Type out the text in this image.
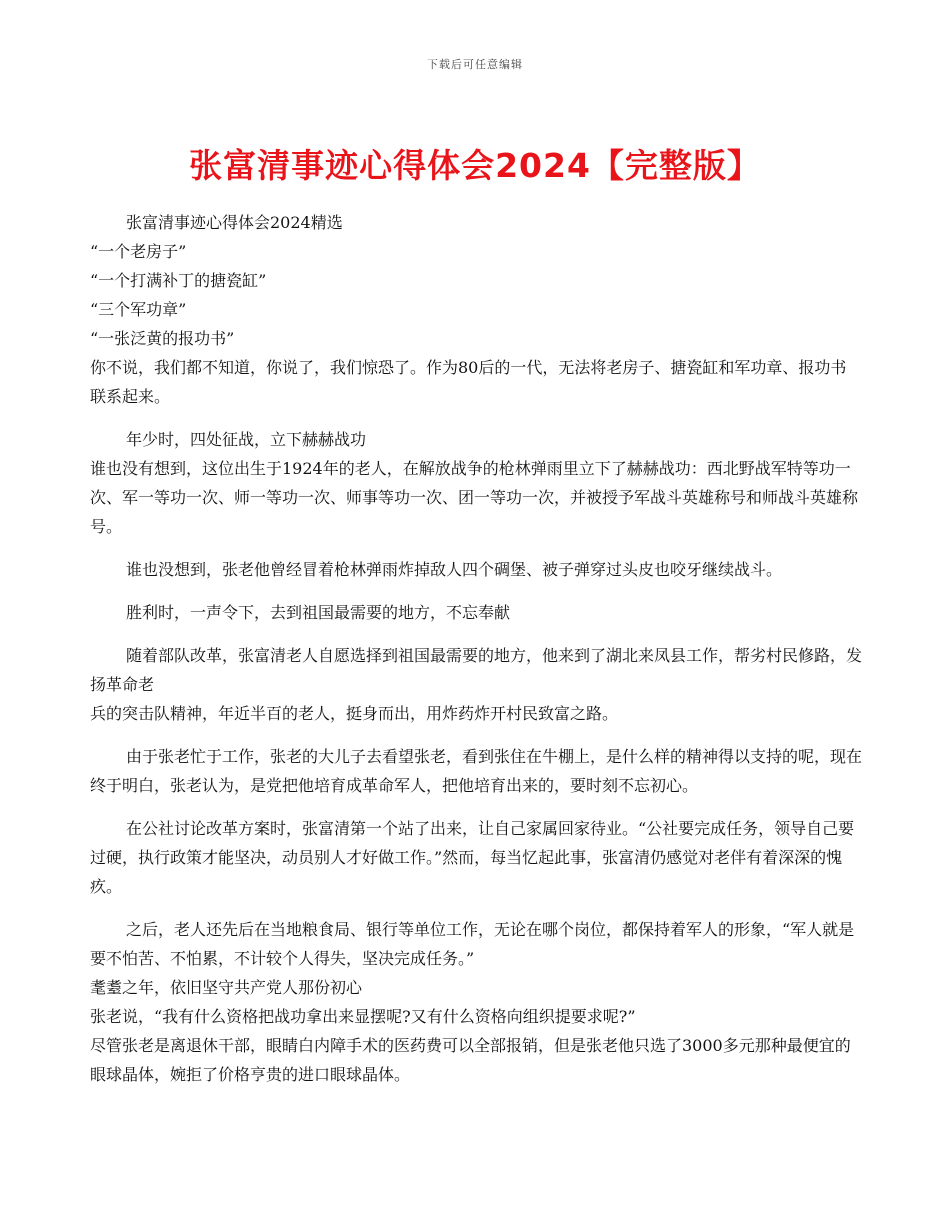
下载后可任意编辑
张富清事迹心得体会2024【完整版】

张富清事迹心得体会2024精选

“一个老房子”

“一个打满补丁的搪瓷缸”

“三个军功章”

“一张泛黄的报功书”

你不说，我们都不知道，你说了，我们惊恐了。作为80后的一代，无法将老房子、搪瓷缸和军功章、报功书联系起来。

年少时，四处征战，立下赫赫战功

谁也没有想到，这位出生于1924年的老人，在解放战争的枪林弹雨里立下了赫赫战功：西北野战军特等功一次、军一等功一次、师一等功一次、师事等功一次、团一等功一次，并被授予军战斗英雄称号和师战斗英雄称号。

谁也没想到，张老他曾经冒着枪林弹雨炸掉敌人四个碉堡、被子弹穿过头皮也咬牙继续战斗。

胜利时，一声令下，去到祖国最需要的地方，不忘奉献

随着部队改革，张富清老人自愿选择到祖国最需要的地方，他来到了湖北来凤县工作，帮劣村民修路，发扬革命老

兵的突击队精神，年近半百的老人，挺身而出，用炸药炸开村民致富之路。

由于张老忙于工作，张老的大儿子去看望张老，看到张住在牛棚上，是什么样的精神得以支持的呢，现在终于明白，张老认为，是党把他培育成革命军人，把他培育出来的，要时刻不忘初心。

在公社讨论改革方案时，张富清第一个站了出来，让自己家属回家待业。“公社要完成任务，领导自己要过硬，执行政策才能坚决，动员别人才好做工作。”然而，每当忆起此事，张富清仍感觉对老伴有着深深的愧疚。

之后，老人还先后在当地粮食局、银行等单位工作，无论在哪个岗位，都保持着军人的形象，“军人就是要不怕苦、不怕累，不计较个人得失，坚决完成任务。”

耄耋之年，依旧坚守共产党人那份初心

张老说，“我有什么资格把战功拿出来显摆呢?又有什么资格向组织提要求呢?”

尽管张老是离退休干部，眼睛白内障手术的医药费可以全部报销，但是张老他只选了3000多元那种最便宜的眼球晶体，婉拒了价格亨贵的进口眼球晶体。
